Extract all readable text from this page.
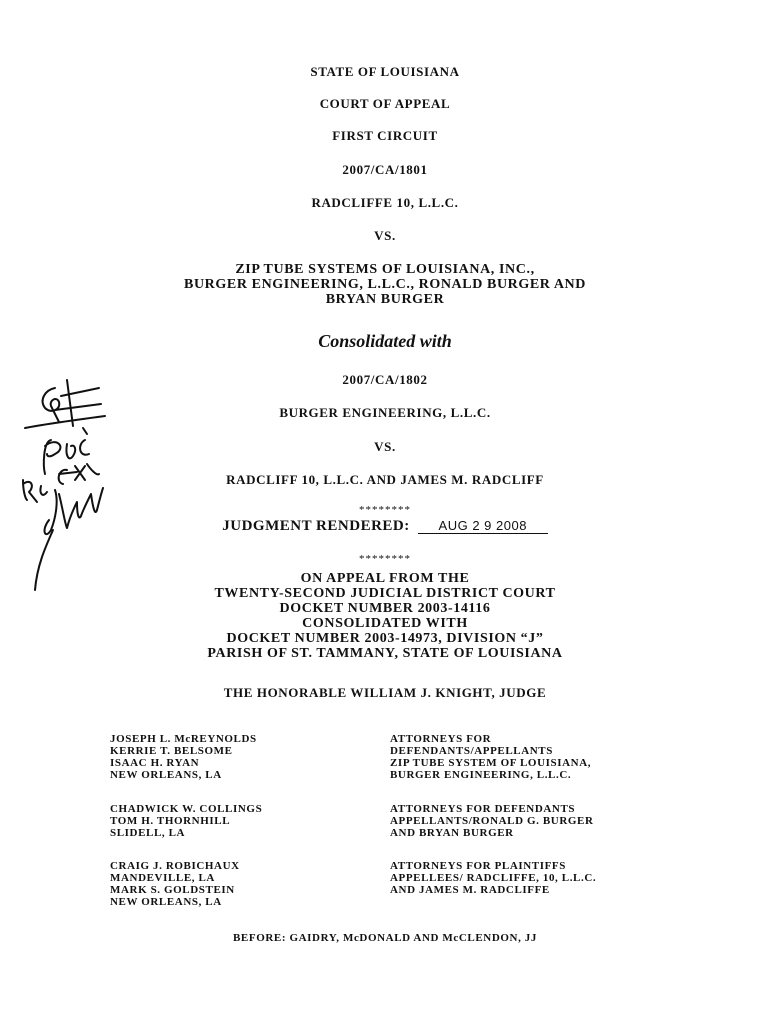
STATE OF LOUISIANA
COURT OF APPEAL
FIRST CIRCUIT
2007/CA/1801
RADCLIFFE 10, L.L.C.
VS.
ZIP TUBE SYSTEMS OF LOUISIANA, INC.,
BURGER ENGINEERING, L.L.C., RONALD BURGER AND
BRYAN BURGER
Consolidated with
2007/CA/1802
BURGER ENGINEERING, L.L.C.
VS.
RADCLIFF 10, L.L.C. AND JAMES M. RADCLIFF
********
JUDGMENT RENDERED: AUG 2 9 2008
********
ON APPEAL FROM THE
TWENTY-SECOND JUDICIAL DISTRICT COURT
DOCKET NUMBER 2003-14116
CONSOLIDATED WITH
DOCKET NUMBER 2003-14973, DIVISION “J”
PARISH OF ST. TAMMANY, STATE OF LOUISIANA
THE HONORABLE WILLIAM J. KNIGHT, JUDGE
JOSEPH L. McREYNOLDS
KERRIE T. BELSOME
ISAAC H. RYAN
NEW ORLEANS, LA
ATTORNEYS FOR
DEFENDANTS/APPELLANTS
ZIP TUBE SYSTEM OF LOUISIANA,
BURGER ENGINEERING, L.L.C.
CHADWICK W. COLLINGS
TOM H. THORNHILL
SLIDELL, LA
ATTORNEYS FOR DEFENDANTS
APPELLANTS/RONALD G. BURGER
AND BRYAN BURGER
CRAIG J. ROBICHAUX
MANDEVILLE, LA
MARK S. GOLDSTEIN
NEW ORLEANS, LA
ATTORNEYS FOR PLAINTIFFS
APPELLEES/ RADCLIFFE, 10, L.L.C.
AND JAMES M. RADCLIFFE
BEFORE: GAIDRY, McDONALD AND McCLENDON, JJ
